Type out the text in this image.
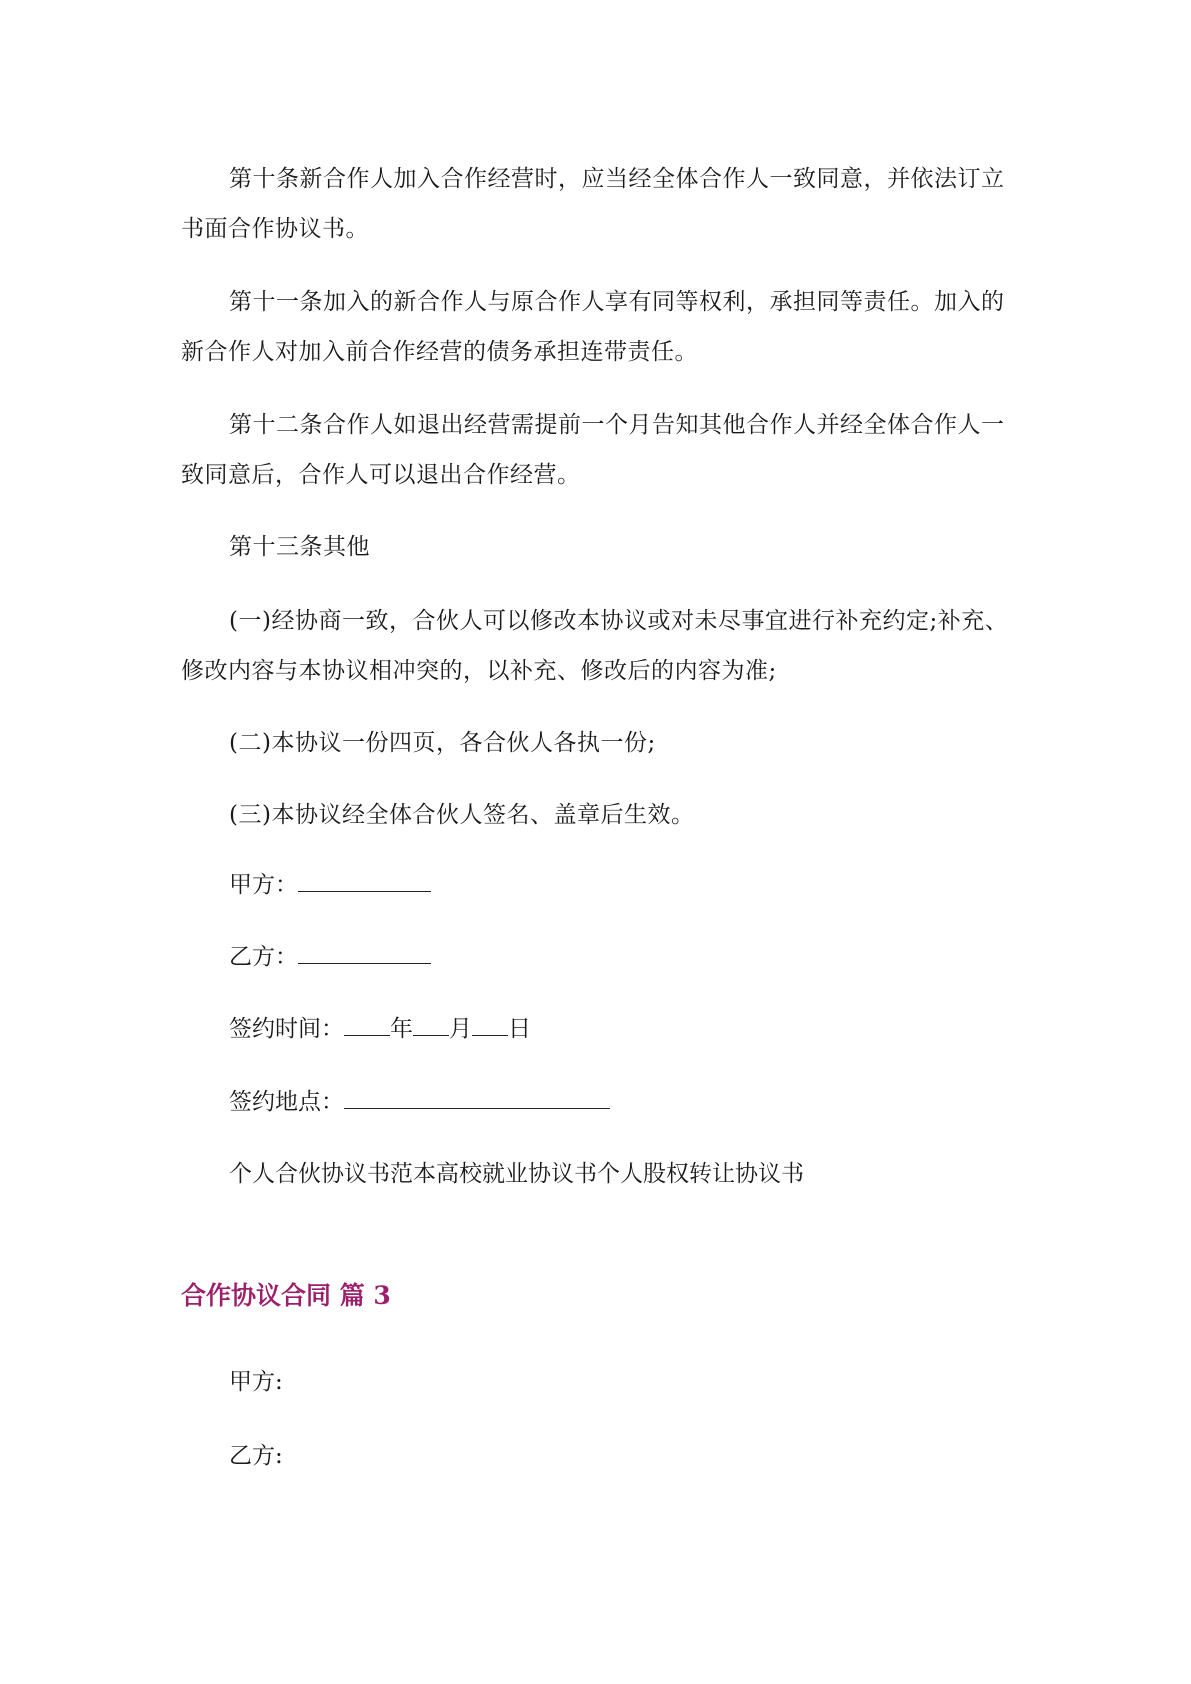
第十条新合作人加入合作经营时，应当经全体合作人一致同意，并依法订立书面合作协议书。

第十一条加入的新合作人与原合作人享有同等权利，承担同等责任。加入的新合作人对加入前合作经营的债务承担连带责任。

第十二条合作人如退出经营需提前一个月告知其他合作人并经全体合作人一致同意后，合作人可以退出合作经营。

第十三条其他

(一)经协商一致，合伙人可以修改本协议或对未尽事宜进行补充约定;补充、修改内容与本协议相冲突的，以补充、修改后的内容为准;

(二)本协议一份四页，各合伙人各执一份;

(三)本协议经全体合伙人签名、盖章后生效。

甲方：

乙方：

签约时间： 年 月 日

签约地点：

个人合伙协议书范本高校就业协议书个人股权转让协议书

合作协议合同 篇 3

甲方:

乙方:
